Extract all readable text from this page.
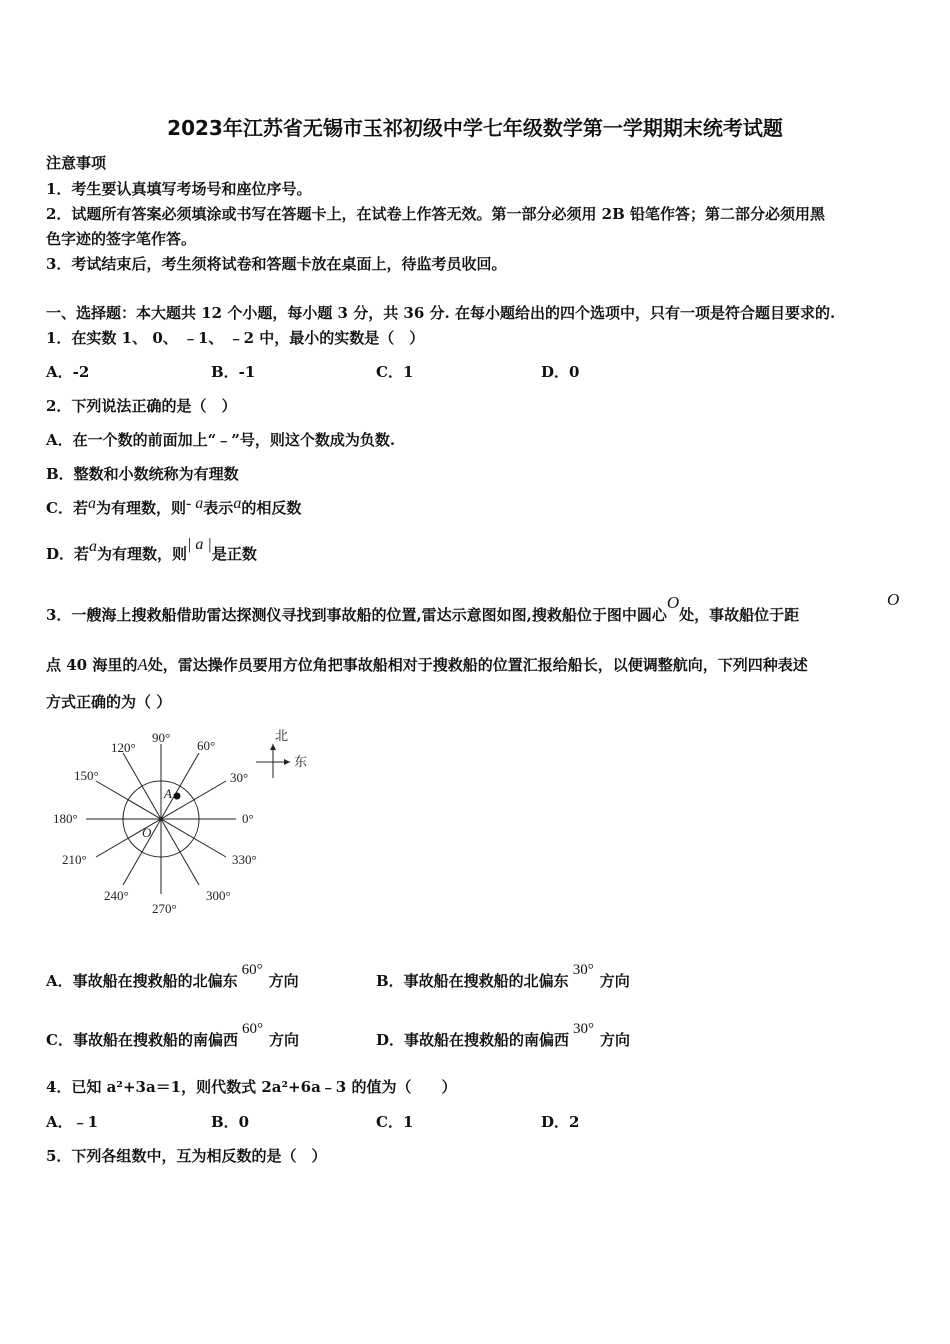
2023年江苏省无锡市玉祁初级中学七年级数学第一学期期末统考试题
注意事项
1．考生要认真填写考场号和座位序号。
2．试题所有答案必须填涂或书写在答题卡上，在试卷上作答无效。第一部分必须用 2B 铅笔作答；第二部分必须用黑
色字迹的签字笔作答。
3．考试结束后，考生须将试卷和答题卡放在桌面上，待监考员收回。
一、选择题：本大题共 12 个小题，每小题 3 分，共 36 分. 在每小题给出的四个选项中，只有一项是符合题目要求的.
1．在实数 1、 0、 ﹣1、 ﹣2 中，最小的实数是（　）
A．-2	B．-1	C．1	D．0
2．下列说法正确的是（　）
A．在一个数的前面加上“﹣”号，则这个数成为负数.
B．整数和小数统称为有理数
C．若a为有理数，则- a表示a的相反数
D．若a为有理数，则| a |是正数
3．一艘海上搜救船借助雷达探测仪寻找到事故船的位置,雷达示意图如图,搜救船位于图中圆心O处，事故船位于距
O
点 40 海里的A处，雷达操作员要用方位角把事故船相对于搜救船的位置汇报给船长，以便调整航向，下列四种表述
方式正确的为（ ）
0°
30°
60°
90°
120°
150°
180°
210°
240°
270°
300°
330°
A
O
北
东
A．事故船在搜救船的北偏东60°方向	B．事故船在搜救船的北偏东30°方向
C．事故船在搜救船的南偏西60°方向	D．事故船在搜救船的南偏西30°方向
4．已知 a²+3a＝1，则代数式 2a²+6a﹣3 的值为（　　）
A．﹣1	B．0	C．1	D．2
5．下列各组数中，互为相反数的是（　）
